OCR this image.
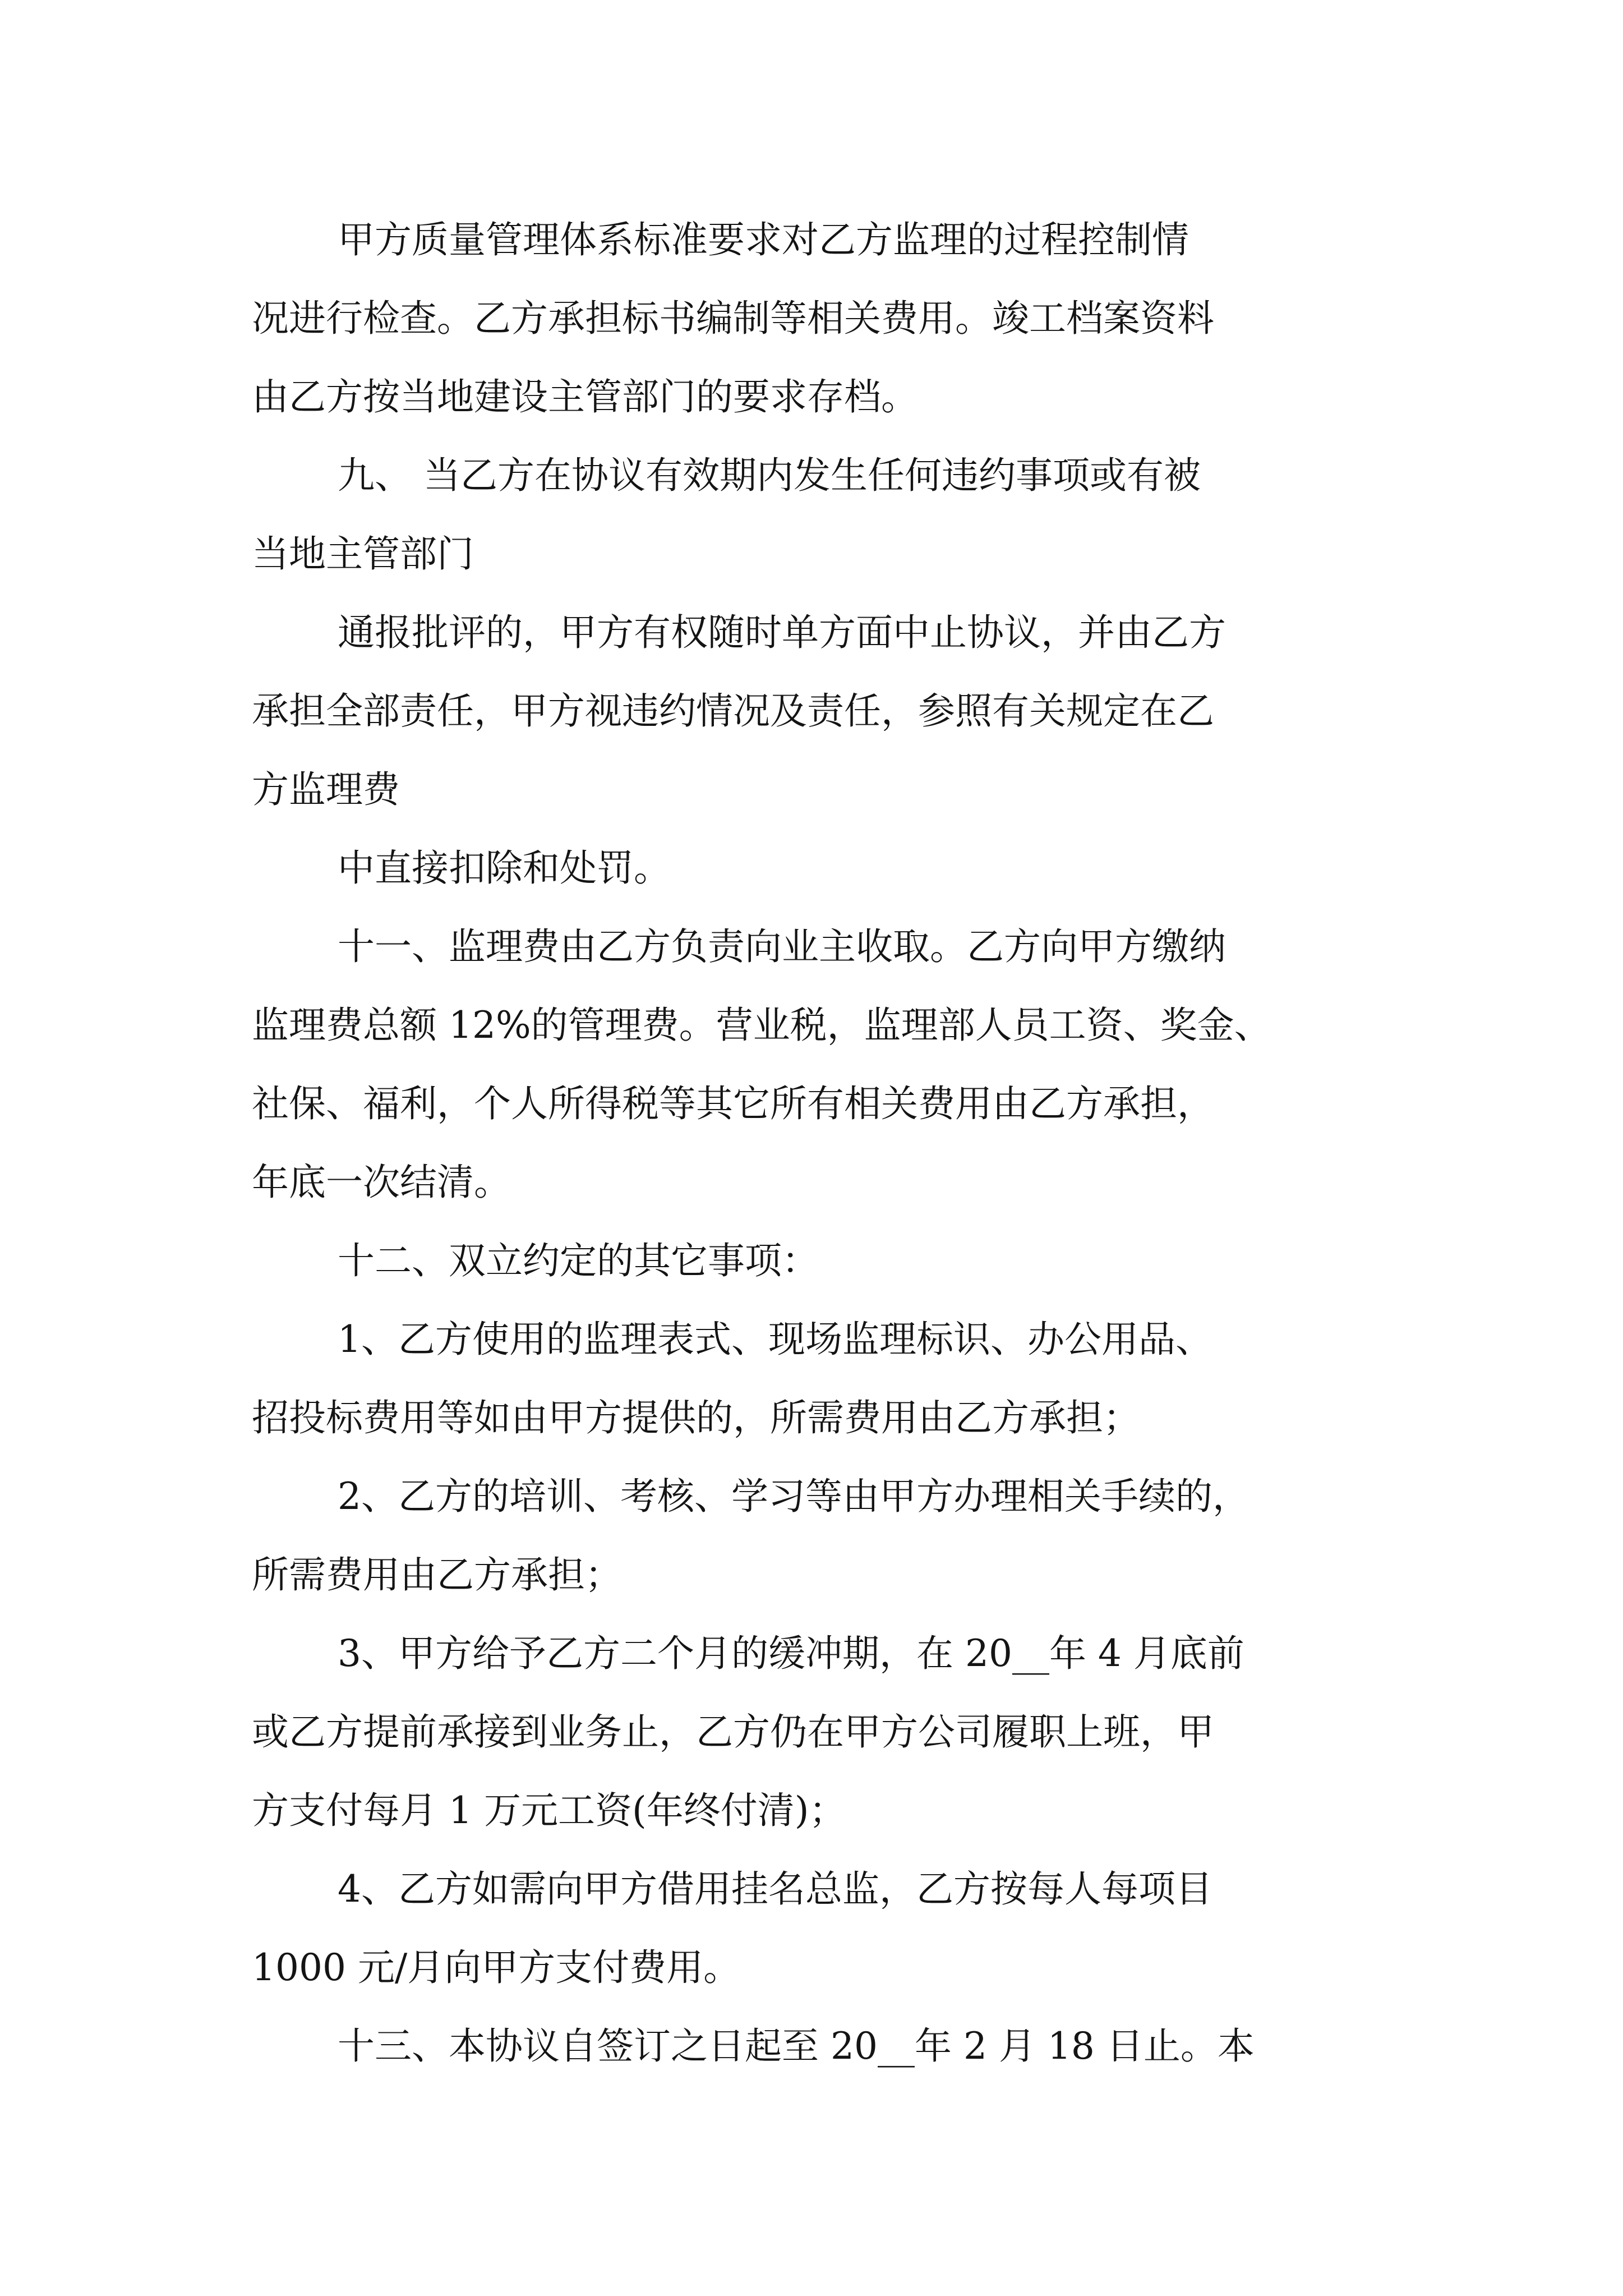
甲方质量管理体系标准要求对乙方监理的过程控制情
况进行检查。乙方承担标书编制等相关费用。竣工档案资料
由乙方按当地建设主管部门的要求存档。
九、 当乙方在协议有效期内发生任何违约事项或有被
当地主管部门
通报批评的，甲方有权随时单方面中止协议，并由乙方
承担全部责任，甲方视违约情况及责任，参照有关规定在乙
方监理费
中直接扣除和处罚。
十一、监理费由乙方负责向业主收取。乙方向甲方缴纳
监理费总额 12%的管理费。营业税，监理部人员工资、奖金、
社保、福利，个人所得税等其它所有相关费用由乙方承担，
年底一次结清。
十二、双立约定的其它事项：
1、乙方使用的监理表式、现场监理标识、办公用品、
招投标费用等如由甲方提供的，所需费用由乙方承担；
2、乙方的培训、考核、学习等由甲方办理相关手续的，
所需费用由乙方承担；
3、甲方给予乙方二个月的缓冲期，在 20__年 4 月底前
或乙方提前承接到业务止，乙方仍在甲方公司履职上班，甲
方支付每月 1 万元工资(年终付清)；
4、乙方如需向甲方借用挂名总监，乙方按每人每项目
1000 元/月向甲方支付费用。
十三、本协议自签订之日起至 20__年 2 月 18 日止。本
